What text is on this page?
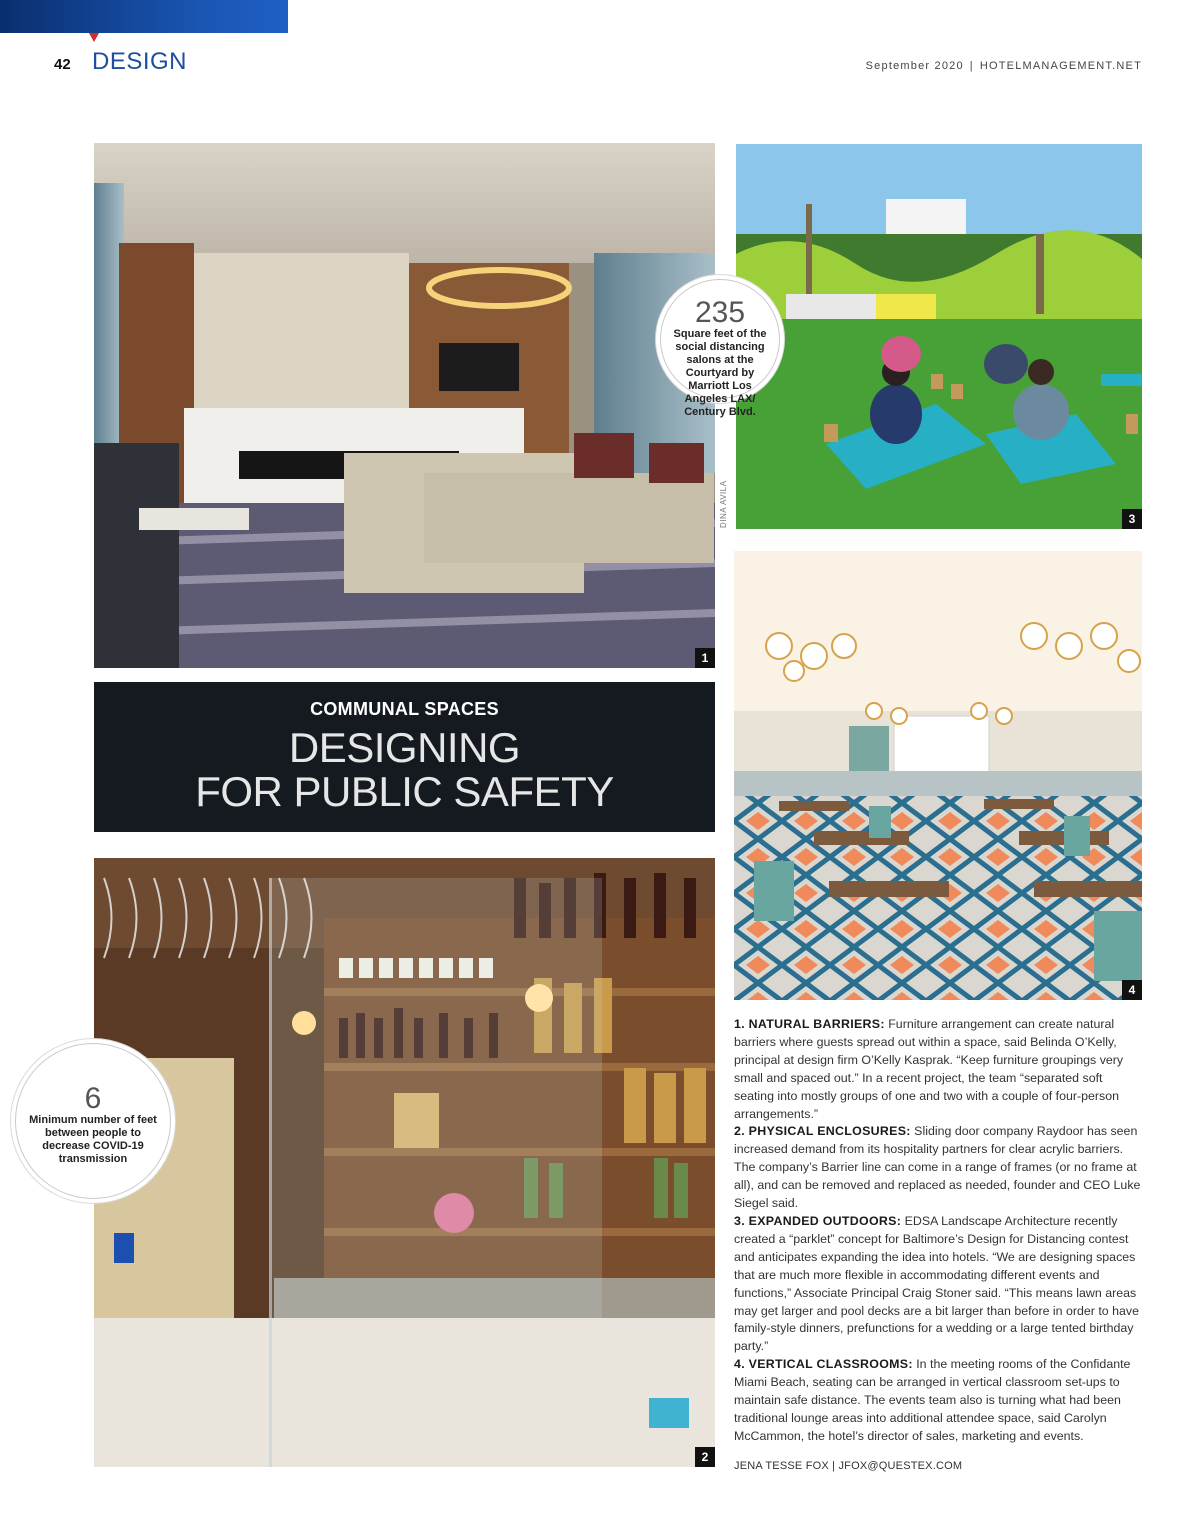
42 DESIGN	September 2020 | HOTELMANAGEMENT.NET
1
3
DINA AVILA
4
COMMUNAL SPACES
DESIGNING
FOR PUBLIC SAFETY
2
235
Square feet of the social distancing salons at the Courtyard by Marriott Los Angeles LAX/ Century Blvd.
6
Minimum number of feet between people to decrease COVID-19 transmission

1. NATURAL BARRIERS: Furniture arrangement can create natural barriers where guests spread out within a space, said Belinda O’Kelly, principal at design firm O’Kelly Kasprak. “Keep furniture groupings very small and spaced out.” In a recent project, the team “separated soft seating into mostly groups of one and two with a couple of four-person arrangements.”

2. PHYSICAL ENCLOSURES: Sliding door company Raydoor has seen increased demand from its hospitality partners for clear acrylic barriers. The company’s Barrier line can come in a range of frames (or no frame at all), and can be removed and replaced as needed, founder and CEO Luke Siegel said.

3. EXPANDED OUTDOORS: EDSA Landscape Architecture recently created a “parklet” concept for Baltimore’s Design for Distancing contest and anticipates expanding the idea into hotels. “We are designing spaces that are much more flexible in accommodating different events and functions,” Associate Principal Craig Stoner said. “This means lawn areas may get larger and pool decks are a bit larger than before in order to have family-style dinners, prefunctions for a wedding or a large tented birthday party.”

4. VERTICAL CLASSROOMS: In the meeting rooms of the Confidante Miami Beach, seating can be arranged in vertical classroom set-ups to maintain safe distance. The events team also is turning what had been traditional lounge areas into additional attendee space, said Carolyn McCammon, the hotel’s director of sales, marketing and events.

JENA TESSE FOX | JFOX@QUESTEX.COM
